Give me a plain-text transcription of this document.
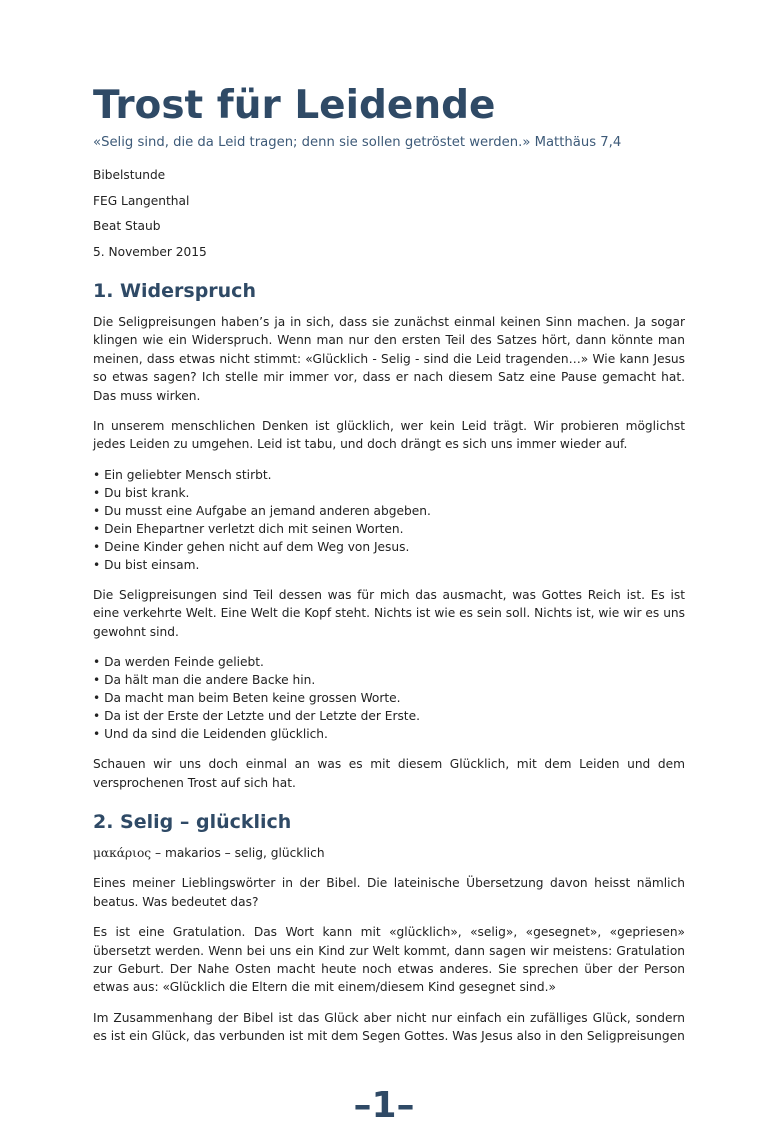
Trost für Leidende
«Selig sind, die da Leid tragen; denn sie sollen getröstet werden.» Matthäus 7,4
Bibelstunde
FEG Langenthal
Beat Staub
5. November 2015
1. Widerspruch

Die Seligpreisungen haben’s ja in sich, dass sie zunächst einmal keinen Sinn machen. Ja sogar klingen wie ein Widerspruch. Wenn man nur den ersten Teil des Satzes hört, dann könnte man meinen, dass etwas nicht stimmt: «Glücklich - Selig - sind die Leid tragenden…» Wie kann Jesus so etwas sagen? Ich stelle mir immer vor, dass er nach diesem Satz eine Pause gemacht hat. Das muss wirken.

In unserem menschlichen Denken ist glücklich, wer kein Leid trägt. Wir probieren möglichst jedes Leiden zu umgehen. Leid ist tabu, und doch drängt es sich uns immer wieder auf.

• Ein geliebter Mensch stirbt.
• Du bist krank.
• Du musst eine Aufgabe an jemand anderen abgeben.
• Dein Ehepartner verletzt dich mit seinen Worten.
• Deine Kinder gehen nicht auf dem Weg von Jesus.
• Du bist einsam.

Die Seligpreisungen sind Teil dessen was für mich das ausmacht, was Gottes Reich ist. Es ist eine verkehrte Welt. Eine Welt die Kopf steht. Nichts ist wie es sein soll. Nichts ist, wie wir es uns gewohnt sind.

• Da werden Feinde geliebt.
• Da hält man die andere Backe hin.
• Da macht man beim Beten keine grossen Worte.
• Da ist der Erste der Letzte und der Letzte der Erste.
• Und da sind die Leidenden glücklich.

Schauen wir uns doch einmal an was es mit diesem Glücklich, mit dem Leiden und dem versprochenen Trost auf sich hat.

2. Selig – glücklich

μακάριος – makarios – selig, glücklich

Eines meiner Lieblingswörter in der Bibel. Die lateinische Übersetzung davon heisst nämlich beatus. Was bedeutet das?

Es ist eine Gratulation. Das Wort kann mit «glücklich», «selig», «gesegnet», «gepriesen» übersetzt werden. Wenn bei uns ein Kind zur Welt kommt, dann sagen wir meistens: Gratulation zur Geburt. Der Nahe Osten macht heute noch etwas anderes. Sie sprechen über der Person etwas aus: «Glücklich die Eltern die mit einem/diesem Kind gesegnet sind.»

Im Zusammenhang der Bibel ist das Glück aber nicht nur einfach ein zufälliges Glück, sondern es ist ein Glück, das verbunden ist mit dem Segen Gottes. Was Jesus also in den Seligpreisungen

–1–
